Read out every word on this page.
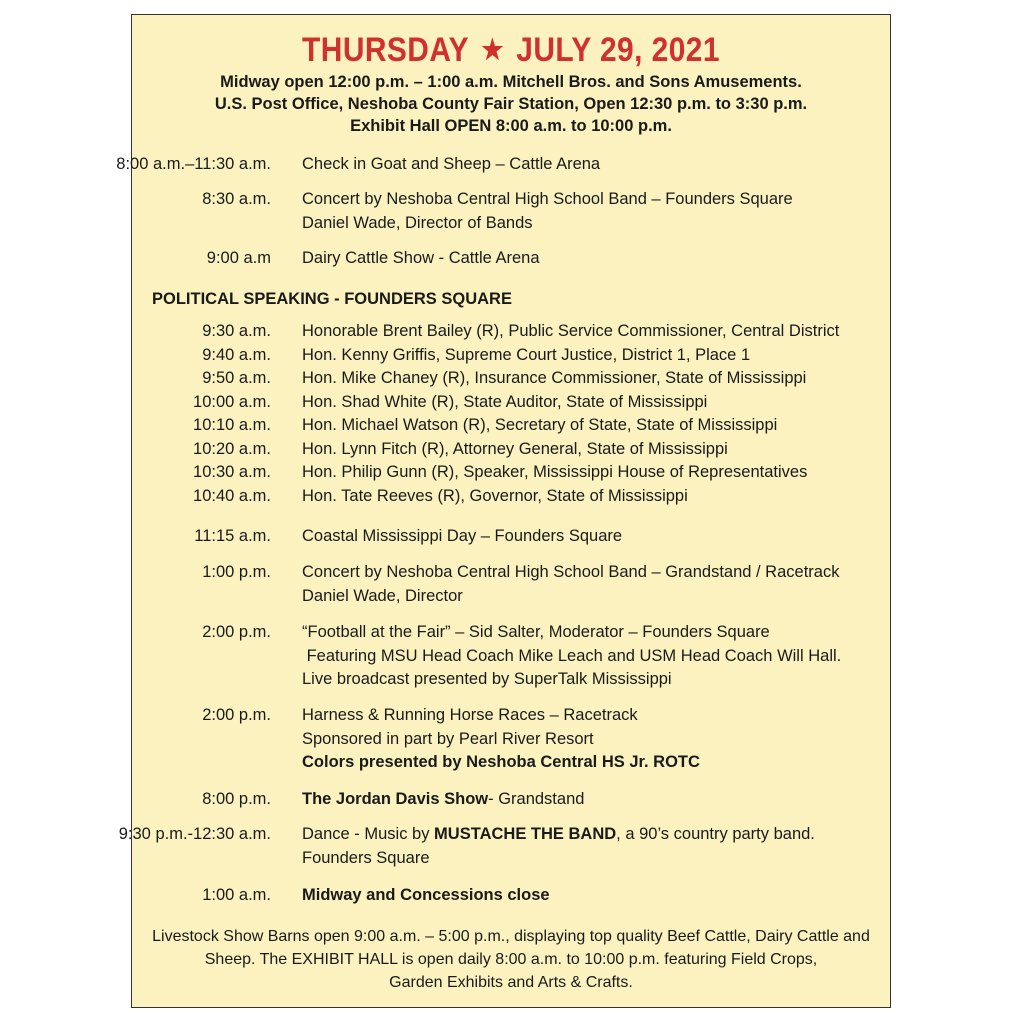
THURSDAY ★ JULY 29, 2021
Midway open 12:00 p.m. – 1:00 a.m. Mitchell Bros. and Sons Amusements.
U.S. Post Office, Neshoba County Fair Station, Open 12:30 p.m. to 3:30 p.m.
Exhibit Hall OPEN 8:00 a.m. to 10:00 p.m.
8:00 a.m.–11:30 a.m. Check in Goat and Sheep – Cattle Arena
8:30 a.m. Concert by Neshoba Central High School Band – Founders Square
Daniel Wade, Director of Bands
9:00 a.m Dairy Cattle Show - Cattle Arena
POLITICAL SPEAKING - FOUNDERS SQUARE
9:30 a.m. Honorable Brent Bailey (R), Public Service Commissioner, Central District
9:40 a.m. Hon. Kenny Griffis, Supreme Court Justice, District 1, Place 1
9:50 a.m. Hon. Mike Chaney (R), Insurance Commissioner, State of Mississippi
10:00 a.m. Hon. Shad White (R), State Auditor, State of Mississippi
10:10 a.m. Hon. Michael Watson (R), Secretary of State, State of Mississippi
10:20 a.m. Hon. Lynn Fitch (R), Attorney General, State of Mississippi
10:30 a.m. Hon. Philip Gunn (R), Speaker, Mississippi House of Representatives
10:40 a.m. Hon. Tate Reeves (R), Governor, State of Mississippi
11:15 a.m. Coastal Mississippi Day – Founders Square
1:00 p.m. Concert by Neshoba Central High School Band – Grandstand / Racetrack
Daniel Wade, Director
2:00 p.m. “Football at the Fair” – Sid Salter, Moderator – Founders Square
Featuring MSU Head Coach Mike Leach and USM Head Coach Will Hall.
Live broadcast presented by SuperTalk Mississippi
2:00 p.m. Harness & Running Horse Races – Racetrack
Sponsored in part by Pearl River Resort
Colors presented by Neshoba Central HS Jr. ROTC
8:00 p.m. The Jordan Davis Show- Grandstand
9:30 p.m.-12:30 a.m. Dance - Music by MUSTACHE THE BAND, a 90’s country party band.
Founders Square
1:00 a.m. Midway and Concessions close
Livestock Show Barns open 9:00 a.m. – 5:00 p.m., displaying top quality Beef Cattle, Dairy Cattle and
Sheep. The EXHIBIT HALL is open daily 8:00 a.m. to 10:00 p.m. featuring Field Crops,
Garden Exhibits and Arts & Crafts.
